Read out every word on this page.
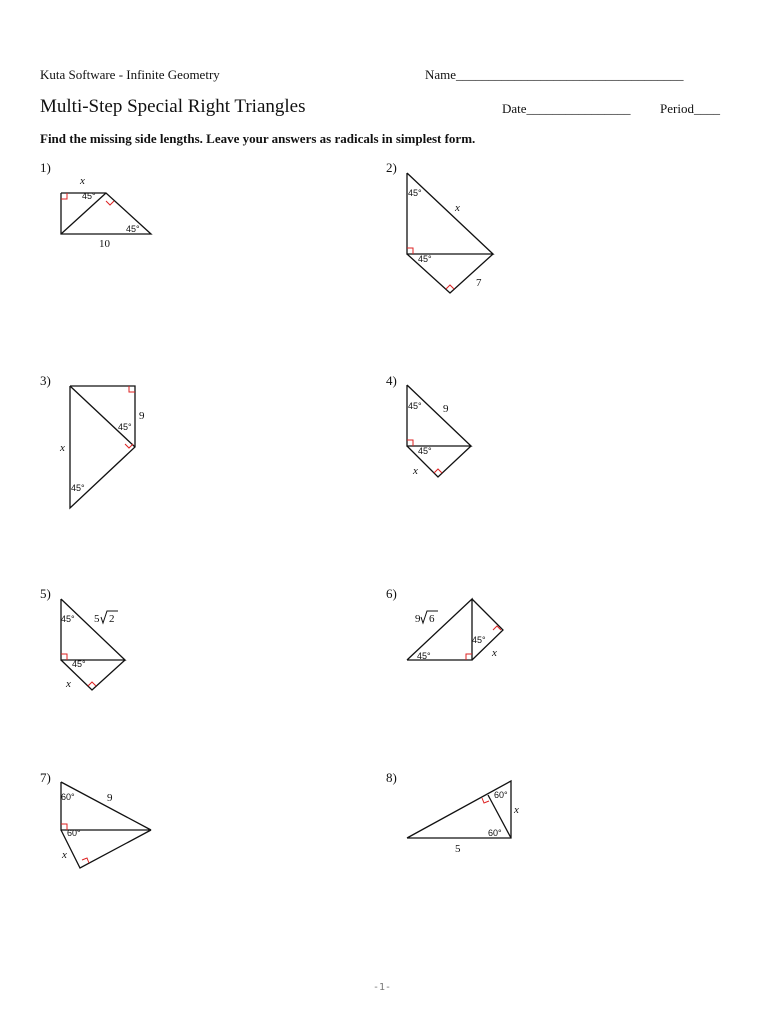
Kuta Software - Infinite Geometry	Name___________________________________
Multi-Step Special Right Triangles	Date________________ Period____
Find the missing side lengths. Leave your answers as radicals in simplest form.
1)	2)
3)	4)
5)	6)
7)	8)
x
45°
45°
10
45°
x
45°
7
9
45°
x
45°
45° 9
45°
x
45° 5 2
45°
x
9 6
45°
45°	x
60°	9
60°
x
60°
x
60°
5
-1-
